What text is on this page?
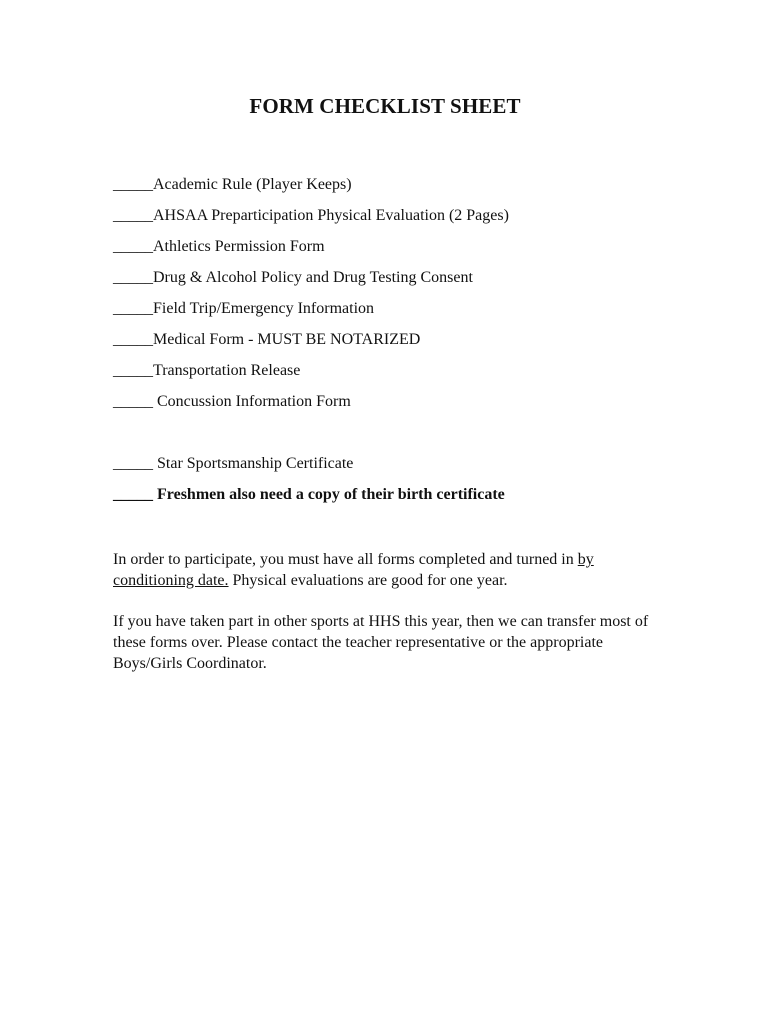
FORM CHECKLIST SHEET
_____Academic Rule (Player Keeps)
_____AHSAA Preparticipation Physical Evaluation (2 Pages)
_____Athletics Permission Form
_____Drug & Alcohol Policy and Drug Testing Consent
_____Field Trip/Emergency Information
_____Medical Form - MUST BE NOTARIZED
_____Transportation Release
_____ Concussion Information Form
_____ Star Sportsmanship Certificate
_____ Freshmen also need a copy of their birth certificate
In order to participate, you must have all forms completed and turned in by conditioning date. Physical evaluations are good for one year.
If you have taken part in other sports at HHS this year, then we can transfer most of these forms over. Please contact the teacher representative or the appropriate Boys/Girls Coordinator.
